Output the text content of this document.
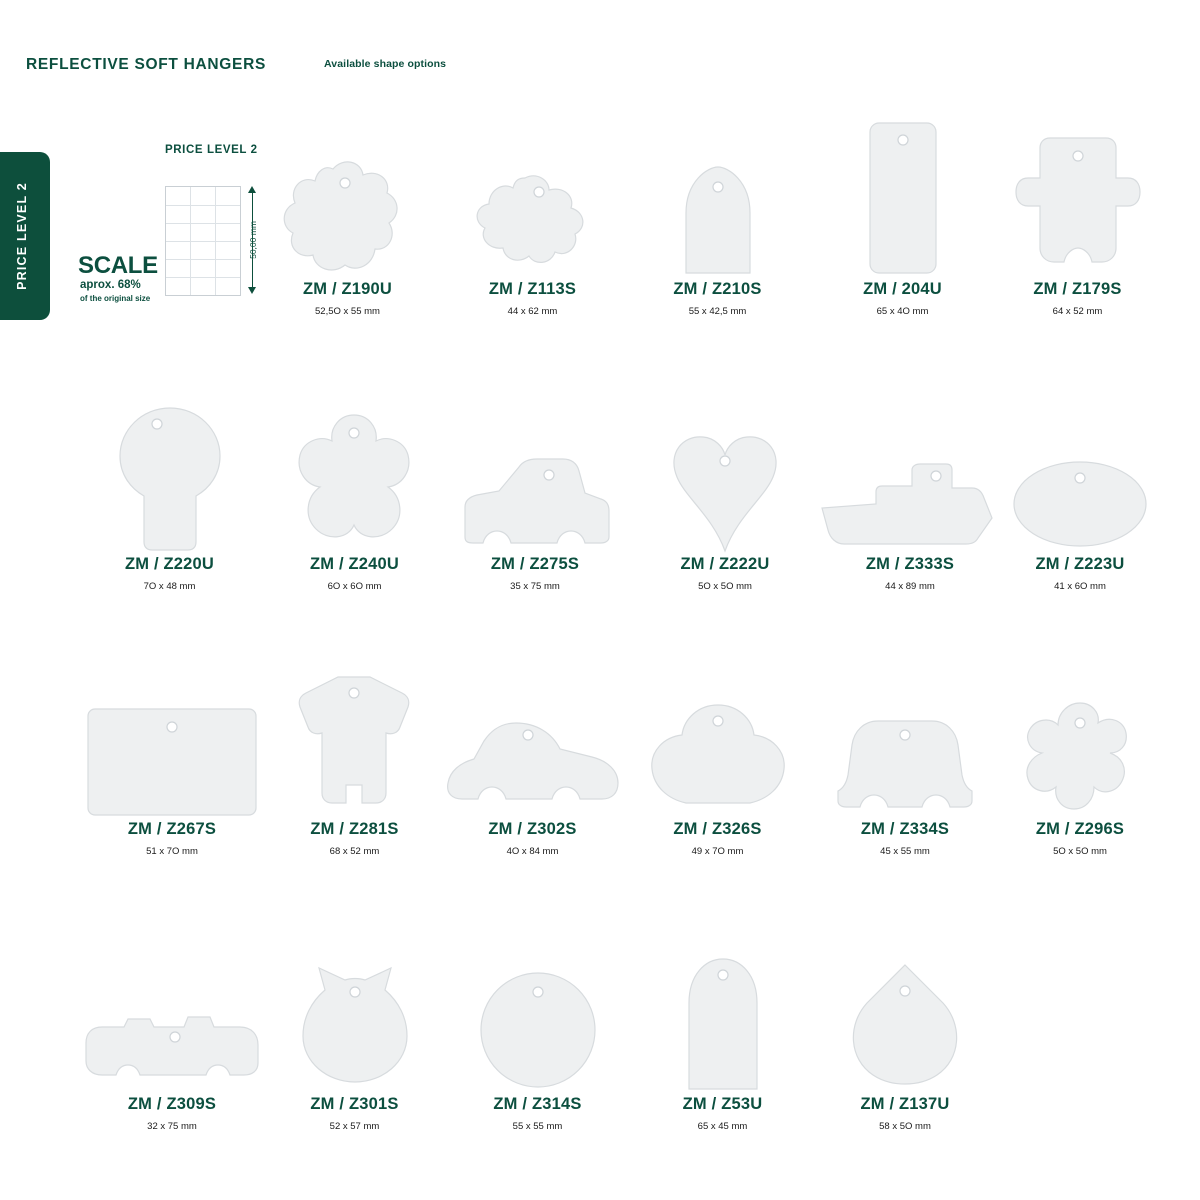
REFLECTIVE SOFT HANGERS	Available shape options
PRICE LEVEL 2
PRICE LEVEL 2
50,00 mm
SCALE
aprox. 68%
of the original size
ZM / Z190U
52,5O x 55 mm
ZM / Z113S
44 x 62 mm
ZM / Z210S
55 x 42,5 mm
ZM / 204U
65 x 4O mm
ZM / Z179S
64 x 52 mm
ZM / Z220U
7O x 48 mm
ZM / Z240U
6O x 6O mm
ZM / Z275S
35 x 75 mm
ZM / Z222U
5O x 5O mm
ZM / Z333S
44 x 89 mm
ZM / Z223U
41 x 6O mm
ZM / Z267S
51 x 7O mm
ZM / Z281S
68 x 52 mm
ZM / Z302S
4O x 84 mm
ZM / Z326S
49 x 7O mm
ZM / Z334S
45 x 55 mm
ZM / Z296S
5O x 5O mm
ZM / Z309S
32 x 75 mm
ZM / Z301S
52 x 57 mm
ZM / Z314S
55 x 55 mm
ZM / Z53U
65 x 45 mm
ZM / Z137U
58 x 5O mm
